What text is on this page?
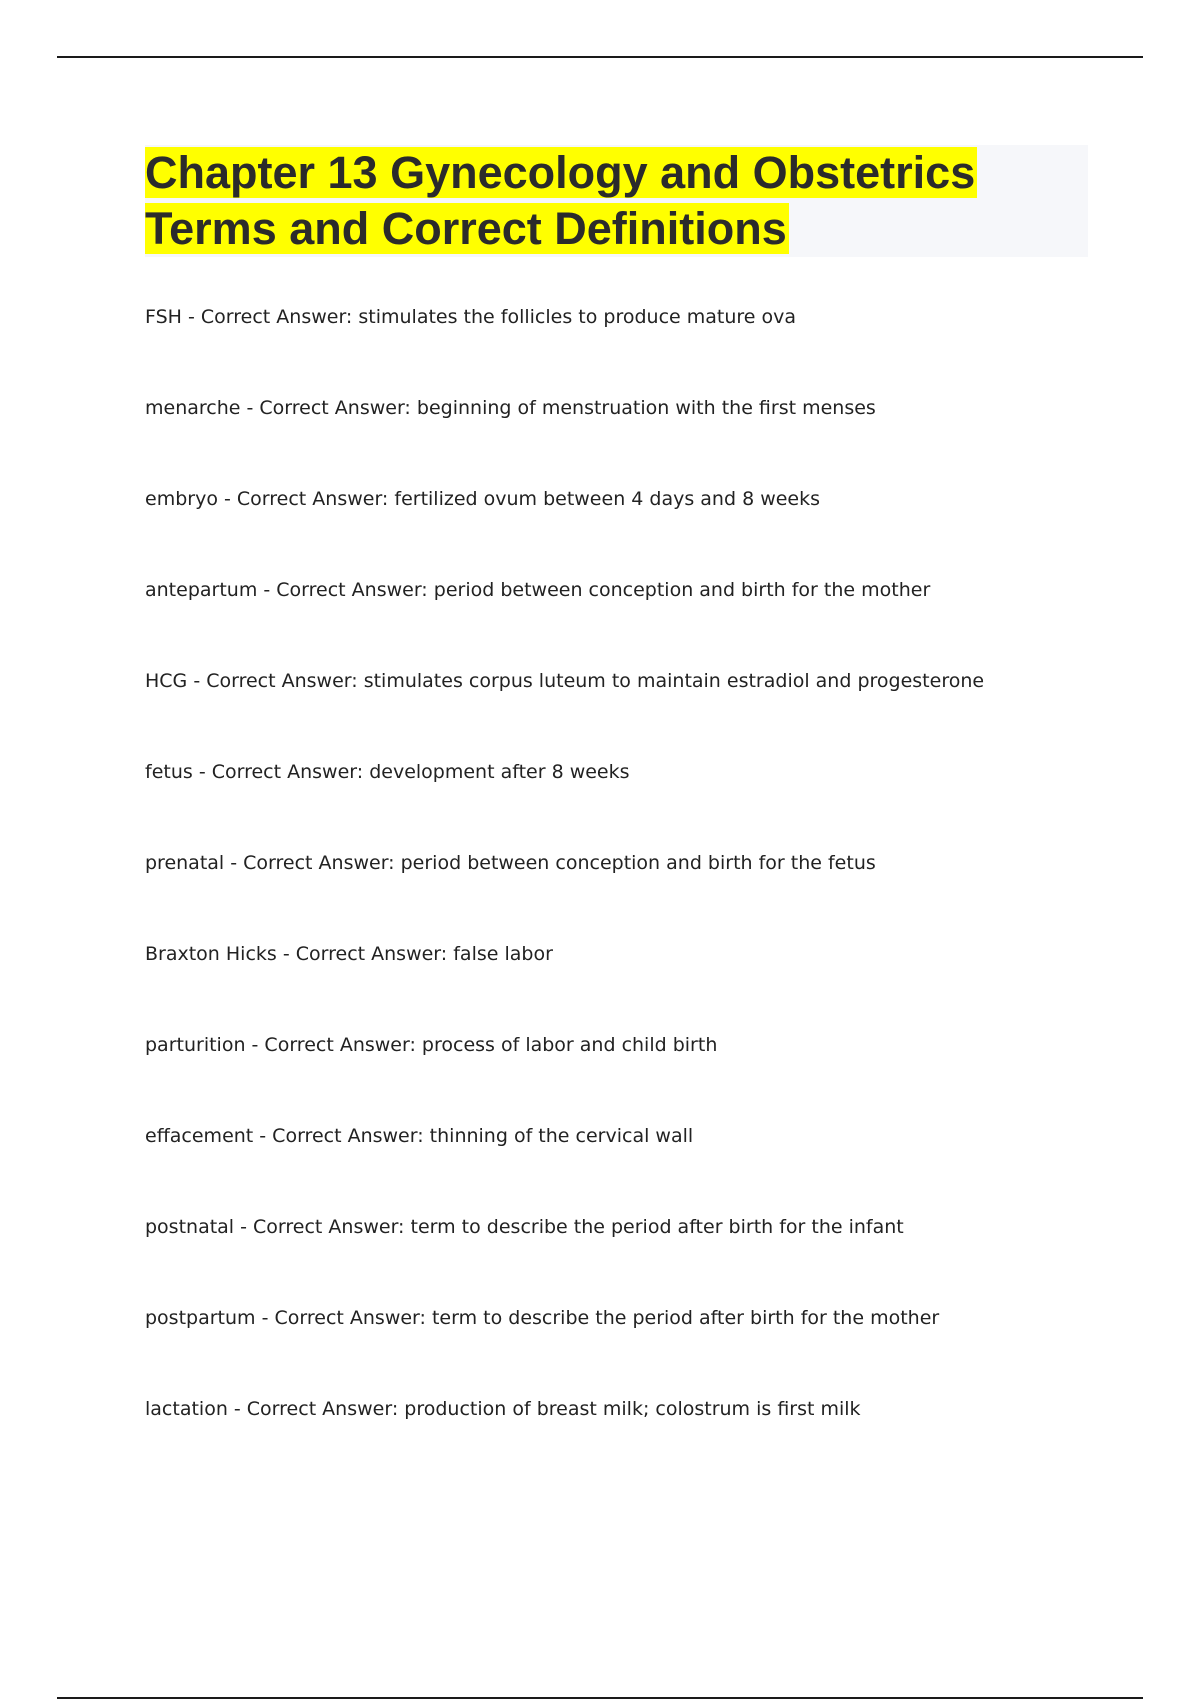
Chapter 13 Gynecology and Obstetrics
Terms and Correct Definitions
FSH - Correct Answer: stimulates the follicles to produce mature ova
menarche - Correct Answer: beginning of menstruation with the first menses
embryo - Correct Answer: fertilized ovum between 4 days and 8 weeks
antepartum - Correct Answer: period between conception and birth for the mother
HCG - Correct Answer: stimulates corpus luteum to maintain estradiol and progesterone
fetus - Correct Answer: development after 8 weeks
prenatal - Correct Answer: period between conception and birth for the fetus
Braxton Hicks - Correct Answer: false labor
parturition - Correct Answer: process of labor and child birth
effacement - Correct Answer: thinning of the cervical wall
postnatal - Correct Answer: term to describe the period after birth for the infant
postpartum - Correct Answer: term to describe the period after birth for the mother
lactation - Correct Answer: production of breast milk; colostrum is first milk
